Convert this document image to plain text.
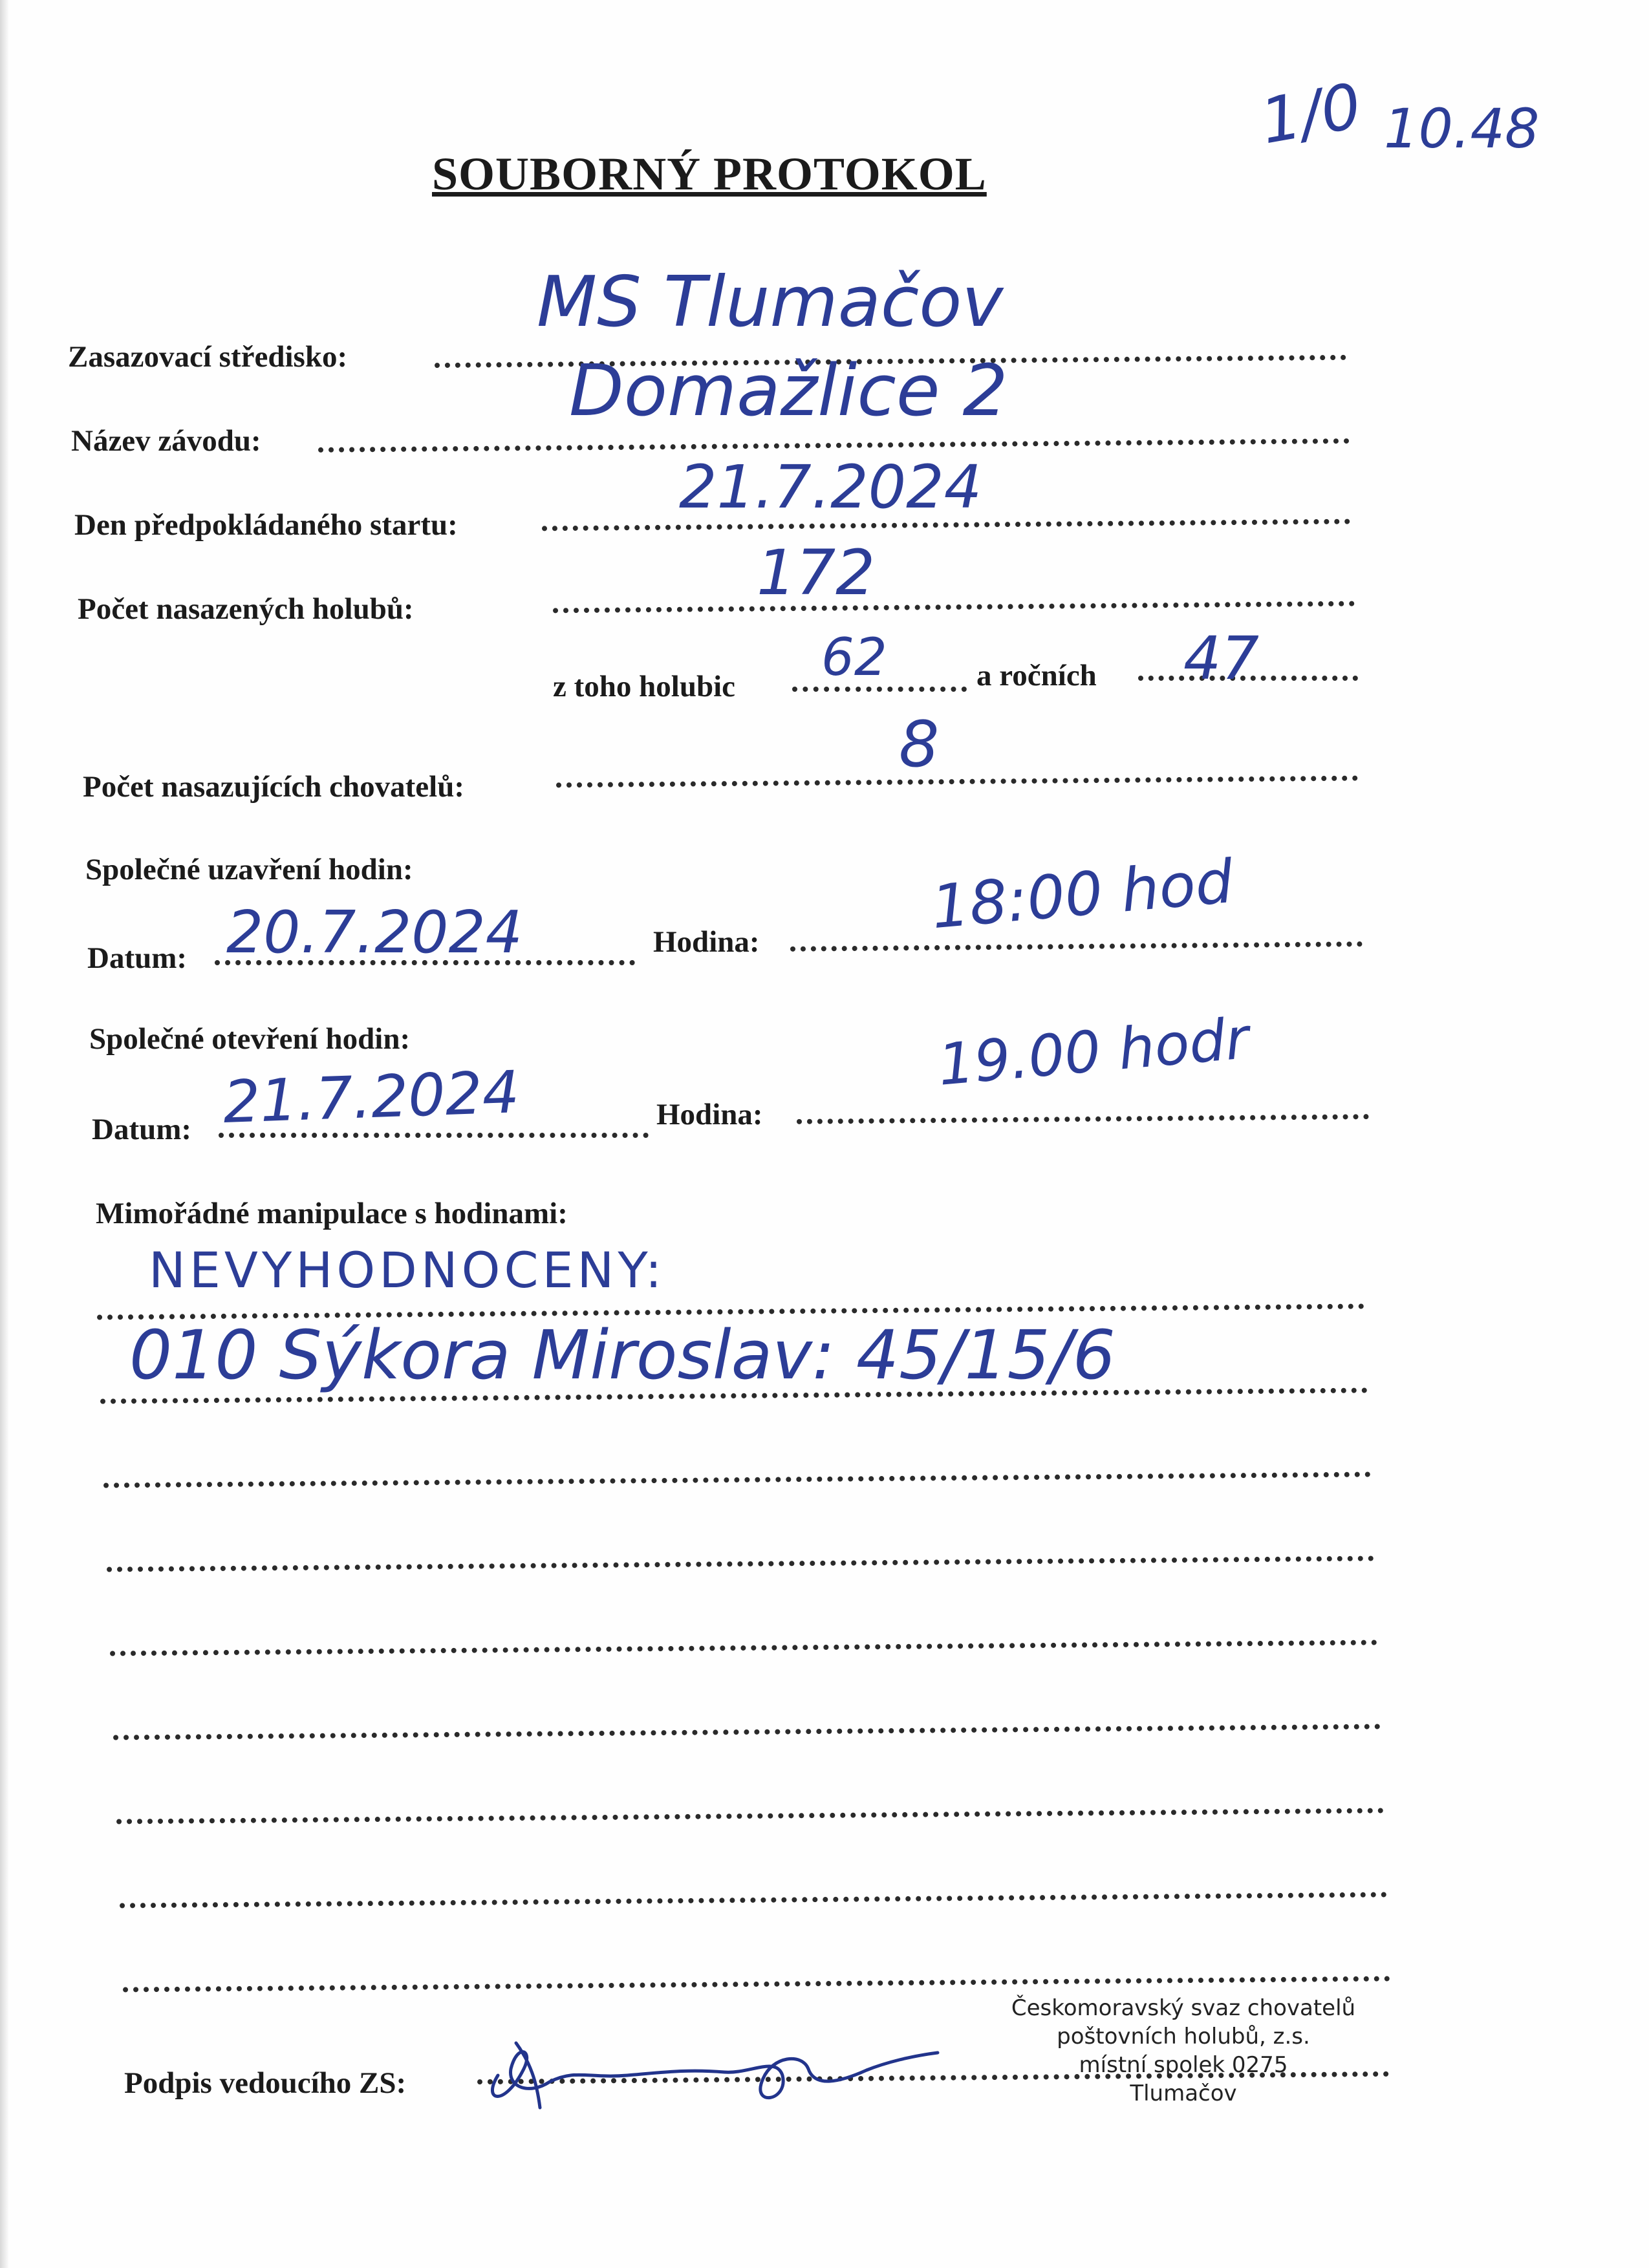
1/0 10.48
SOUBORNÝ PROTOKOL
Zasazovací středisko:
MS Tlumačov
Název závodu:
Domažlice 2
Den předpokládaného startu:
21.7.2024
Počet nasazených holubů:	172
z toho holubic 62	a ročních 47
Počet nasazujících chovatelů:
8
Společné uzavření hodin:
Datum: 20.7.2024	Hodina:	18:00 hod
Společné otevření hodin:
Datum: 21.7.2024	Hodina:
19.00 hodr
Mimořádné manipulace s hodinami:
NEVYHODNOCENY:
010 Sýkora Miroslav: 45/15/6
Podpis vedoucího ZS:
Českomoravský svaz chovatelů
poštovních holubů, z.s.
místní spolek 0275
Tlumačov
